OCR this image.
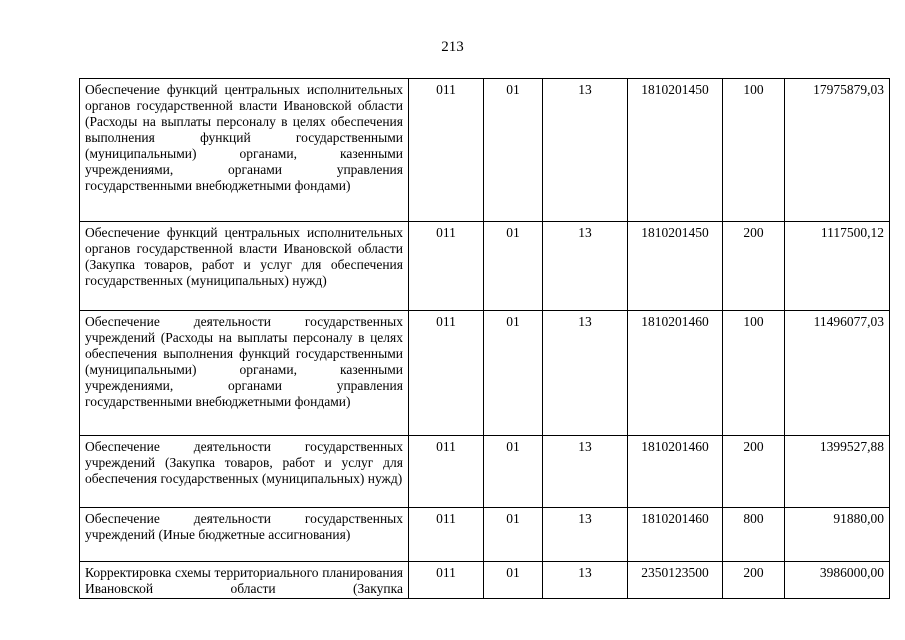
213
Обеспечение функций центральных исполнительных органов государственной власти Ивановской области (Расходы на выплаты персоналу в целях обеспечения выполнения функций государственными (муниципальными) органами, казенными учреждениями, органами управления государственными внебюджетными фондами)	011	01	13	1810201450	100	17975879,03
Обеспечение функций центральных исполнительных органов государственной власти Ивановской области (Закупка товаров, работ и услуг для обеспечения государственных (муниципальных) нужд)	011	01	13	1810201450	200	1117500,12
Обеспечение деятельности государственных учреждений (Расходы на выплаты персоналу в целях обеспечения выполнения функций государственными (муниципальными) органами, казенными учреждениями, органами управления государственными внебюджетными фондами)	011	01	13	1810201460	100	11496077,03
Обеспечение деятельности государственных учреждений (Закупка товаров, работ и услуг для обеспечения государственных (муниципальных) нужд)	011	01	13	1810201460	200	1399527,88
Обеспечение деятельности государственных учреждений (Иные бюджетные ассигнования)	011	01	13	1810201460	800	91880,00
Корректировка схемы территориального планирования Ивановской области (Закупка	011	01	13	2350123500	200	3986000,00
